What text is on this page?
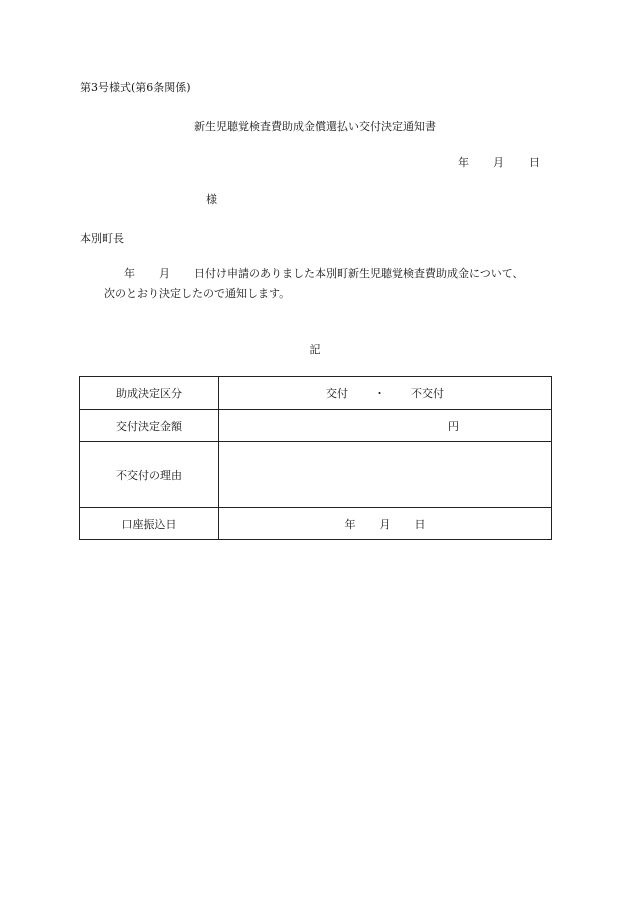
第3号様式(第6条関係)
新生児聴覚検査費助成金償還払い交付決定通知書
年 月 日
様
本別町長
年 月 日付け申請のありました本別町新生児聴覚検査費助成金について、
次のとおり決定したので通知します。
記
助成決定区分	交付 ・ 不交付
交付決定金額	円

不交付の理由	
口座振込日	年 月 日
